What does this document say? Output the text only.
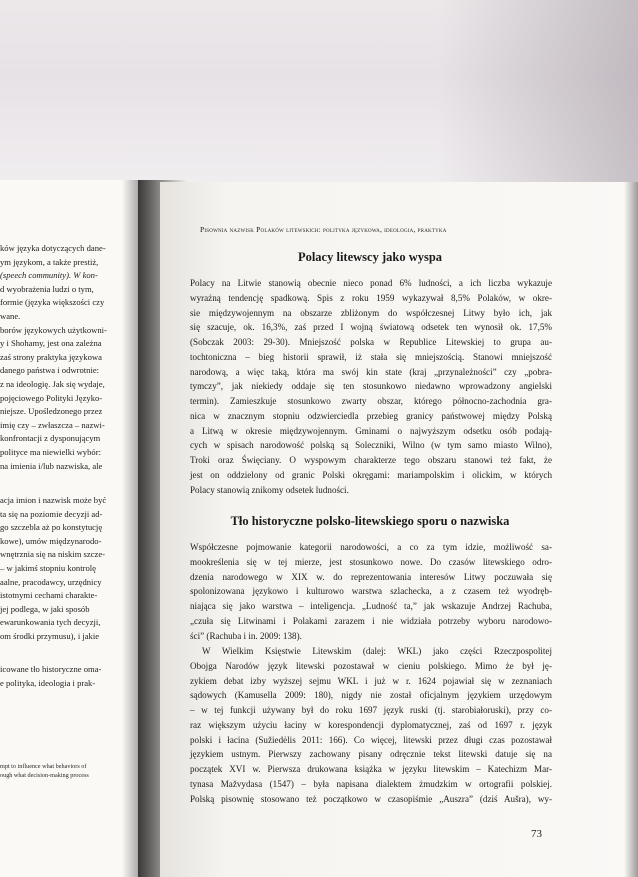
ków języka dotyczących dane-
ym językom, a także prestiż,
(speech community). W kon-
d wyobrażenia ludzi o tym,
formie (języka większości czy
wane.
borów językowych użytkowni-
y i Shohamy, jest ona zależna
zaś strony praktyka językowa
danego państwa i odwrotnie:
z na ideologię. Jak się wydaje,
pojęciowego Polityki Języko-
niejsze. Upośledzonego przez
imię czy – zwłaszcza – nazwi-
konfrontacji z dysponującym
polityce ma niewielki wybór:
na imienia i/lub nazwiska, ale
acja imion i nazwisk może być
ta się na poziomie decyzji ad-
go szczebla aż po konstytucję
kowe), umów międzynarodo-
wnętrznia się na niskim szcze-
– w jakimś stopniu kontrolę
aalne, pracodawcy, urzędnicy
istotnymi cechami charakte-
jej podlega, w jaki sposób
ewarunkowania tych decyzji,
om środki przymusu), i jakie
icowane tło historyczne oma-
e polityka, ideologia i prak-
mpt to influence what behaviors of
ough what decision-making process

Pisownia nazwisk Polaków litewskich: polityka językowa, ideologia, praktyka

Polacy litewscy jako wyspa
Polacy na Litwie stanowią obecnie nieco ponad 6% ludności, a ich liczba wykazuje
wyraźną tendencję spadkową. Spis z roku 1959 wykazywał 8,5% Polaków, w okre-
sie międzywojennym na obszarze zbliżonym do współczesnej Litwy było ich, jak
się szacuje, ok. 16,3%, zaś przed I wojną światową odsetek ten wynosił ok. 17,5%
(Sobczak 2003: 29-30). Mniejszość polska w Republice Litewskiej to grupa au-
tochtoniczna – bieg historii sprawił, iż stała się mniejszością. Stanowi mniejszość
narodową, a więc taką, która ma swój kin state (kraj „przynależności” czy „pobra-
tymczy”, jak niekiedy oddaje się ten stosunkowo niedawno wprowadzony angielski
termin). Zamieszkuje stosunkowo zwarty obszar, którego północno-zachodnia gra-
nica w znacznym stopniu odzwierciedla przebieg granicy państwowej między Polską
a Litwą w okresie międzywojennym. Gminami o najwyższym odsetku osób podają-
cych w spisach narodowość polską są Soleczniki, Wilno (w tym samo miasto Wilno),
Troki oraz Święciany. O wyspowym charakterze tego obszaru stanowi też fakt, że
jest on oddzielony od granic Polski okręgami: mariampolskim i olickim, w których
Polacy stanowią znikomy odsetek ludności.
Tło historyczne polsko-litewskiego sporu o nazwiska
Współczesne pojmowanie kategorii narodowości, a co za tym idzie, możliwość sa-
mookreślenia się w tej mierze, jest stosunkowo nowe. Do czasów litewskiego odro-
dzenia narodowego w XIX w. do reprezentowania interesów Litwy poczuwała się
spolonizowana językowo i kulturowo warstwa szlachecka, a z czasem też wyodręb-
niająca się jako warstwa – inteligencja. „Ludność ta,” jak wskazuje Andrzej Rachuba,
„czuła się Litwinami i Polakami zarazem i nie widziała potrzeby wyboru narodowo-
ści” (Rachuba i in. 2009: 138).
W Wielkim Księstwie Litewskim (dalej: WKL) jako części Rzeczpospolitej
Obojga Narodów język litewski pozostawał w cieniu polskiego. Mimo że był ję-
zykiem debat izby wyższej sejmu WKL i już w r. 1624 pojawiał się w zeznaniach
sądowych (Kamusella 2009: 180), nigdy nie został oficjalnym językiem urzędowym
– w tej funkcji używany był do roku 1697 język ruski (tj. starobiałoruski), przy co-
raz większym użyciu łaciny w korespondencji dyplomatycznej, zaś od 1697 r. język
polski i łacina (Sužiedėlis 2011: 166). Co więcej, litewski przez długi czas pozostawał
językiem ustnym. Pierwszy zachowany pisany odręcznie tekst litewski datuje się na
początek XVI w. Pierwsza drukowana książka w języku litewskim – Katechizm Mar-
tynasa Mažvydasa (1547) – była napisana dialektem żmudzkim w ortografii polskiej.
Polską pisownię stosowano też początkowo w czasopiśmie „Auszra” (dziś Aušra), wy-

73
